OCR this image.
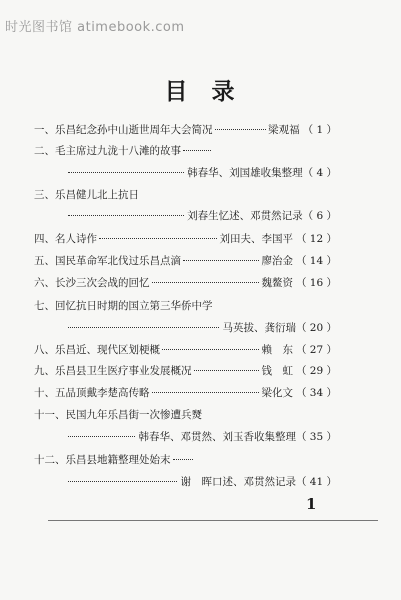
时光图书馆 atimebook.com
目 录
一、 乐昌纪念孙中山逝世周年大会简况	梁观福 （ 1 ）
二、 毛主席过九泷十八滩的故事
韩春华、刘国雄收集整理 （ 4 ）
三、 乐昌健儿北上抗日
刘春生忆述、邓贯然记录 （ 6 ）
四、 名人诗作	刘田夫、李国平 （ 12 ）
五、 国民革命军北伐过乐昌点滴	廖治金 （ 14 ）
六、 长沙三次会战的回忆	魏鳌资 （ 16 ）
七、 回忆抗日时期的国立第三华侨中学
马英拔、龚衍瑞 （ 20 ）
八、 乐昌近、现代区划梗概	赖　东 （ 27 ）
九、 乐昌县卫生医疗事业发展概况	钱　虹 （ 29 ）
十、 五品顶戴李楚高传略	梁化文 （ 34 ）
十一、 民国九年乐昌街一次惨遭兵燹
韩春华、邓贯然、刘玉香收集整理 （ 35 ）
十二、 乐昌县地籍整理处始末
谢　晖口述、邓贯然记录 （ 41 ）
1
